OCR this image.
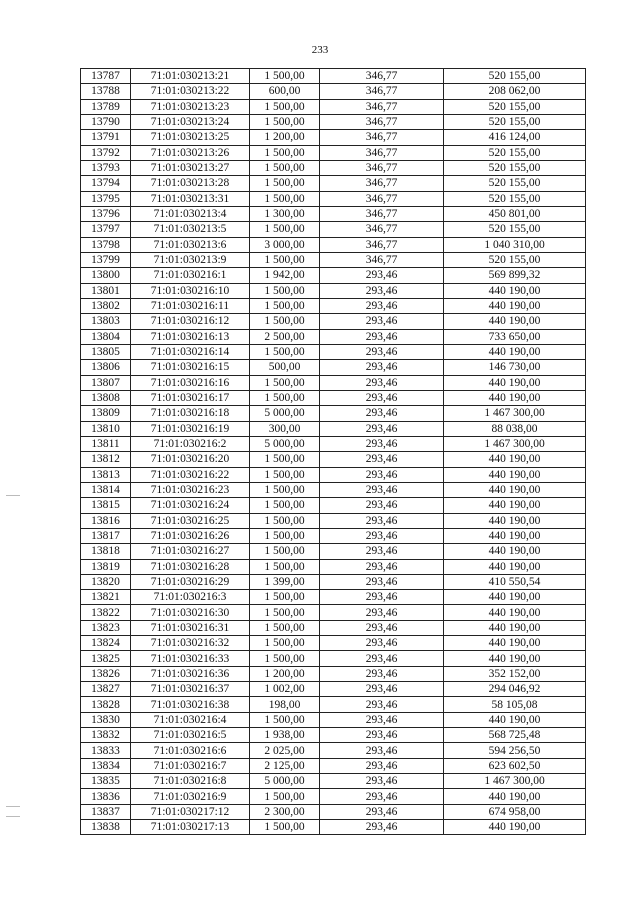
233
13787	71:01:030213:21	1 500,00	346,77	520 155,00
13788	71:01:030213:22	600,00	346,77	208 062,00
13789	71:01:030213:23	1 500,00	346,77	520 155,00
13790	71:01:030213:24	1 500,00	346,77	520 155,00
13791	71:01:030213:25	1 200,00	346,77	416 124,00
13792	71:01:030213:26	1 500,00	346,77	520 155,00
13793	71:01:030213:27	1 500,00	346,77	520 155,00
13794	71:01:030213:28	1 500,00	346,77	520 155,00
13795	71:01:030213:31	1 500,00	346,77	520 155,00
13796	71:01:030213:4	1 300,00	346,77	450 801,00
13797	71:01:030213:5	1 500,00	346,77	520 155,00
13798	71:01:030213:6	3 000,00	346,77	1 040 310,00
13799	71:01:030213:9	1 500,00	346,77	520 155,00
13800	71:01:030216:1	1 942,00	293,46	569 899,32
13801	71:01:030216:10	1 500,00	293,46	440 190,00
13802	71:01:030216:11	1 500,00	293,46	440 190,00
13803	71:01:030216:12	1 500,00	293,46	440 190,00
13804	71:01:030216:13	2 500,00	293,46	733 650,00
13805	71:01:030216:14	1 500,00	293,46	440 190,00
13806	71:01:030216:15	500,00	293,46	146 730,00
13807	71:01:030216:16	1 500,00	293,46	440 190,00
13808	71:01:030216:17	1 500,00	293,46	440 190,00
13809	71:01:030216:18	5 000,00	293,46	1 467 300,00
13810	71:01:030216:19	300,00	293,46	88 038,00
13811	71:01:030216:2	5 000,00	293,46	1 467 300,00
13812	71:01:030216:20	1 500,00	293,46	440 190,00
13813	71:01:030216:22	1 500,00	293,46	440 190,00
13814	71:01:030216:23	1 500,00	293,46	440 190,00
13815	71:01:030216:24	1 500,00	293,46	440 190,00
13816	71:01:030216:25	1 500,00	293,46	440 190,00
13817	71:01:030216:26	1 500,00	293,46	440 190,00
13818	71:01:030216:27	1 500,00	293,46	440 190,00
13819	71:01:030216:28	1 500,00	293,46	440 190,00
13820	71:01:030216:29	1 399,00	293,46	410 550,54
13821	71:01:030216:3	1 500,00	293,46	440 190,00
13822	71:01:030216:30	1 500,00	293,46	440 190,00
13823	71:01:030216:31	1 500,00	293,46	440 190,00
13824	71:01:030216:32	1 500,00	293,46	440 190,00
13825	71:01:030216:33	1 500,00	293,46	440 190,00
13826	71:01:030216:36	1 200,00	293,46	352 152,00
13827	71:01:030216:37	1 002,00	293,46	294 046,92
13828	71:01:030216:38	198,00	293,46	58 105,08
13830	71:01:030216:4	1 500,00	293,46	440 190,00
13832	71:01:030216:5	1 938,00	293,46	568 725,48
13833	71:01:030216:6	2 025,00	293,46	594 256,50
13834	71:01:030216:7	2 125,00	293,46	623 602,50
13835	71:01:030216:8	5 000,00	293,46	1 467 300,00
13836	71:01:030216:9	1 500,00	293,46	440 190,00
13837	71:01:030217:12	2 300,00	293,46	674 958,00
13838	71:01:030217:13	1 500,00	293,46	440 190,00
